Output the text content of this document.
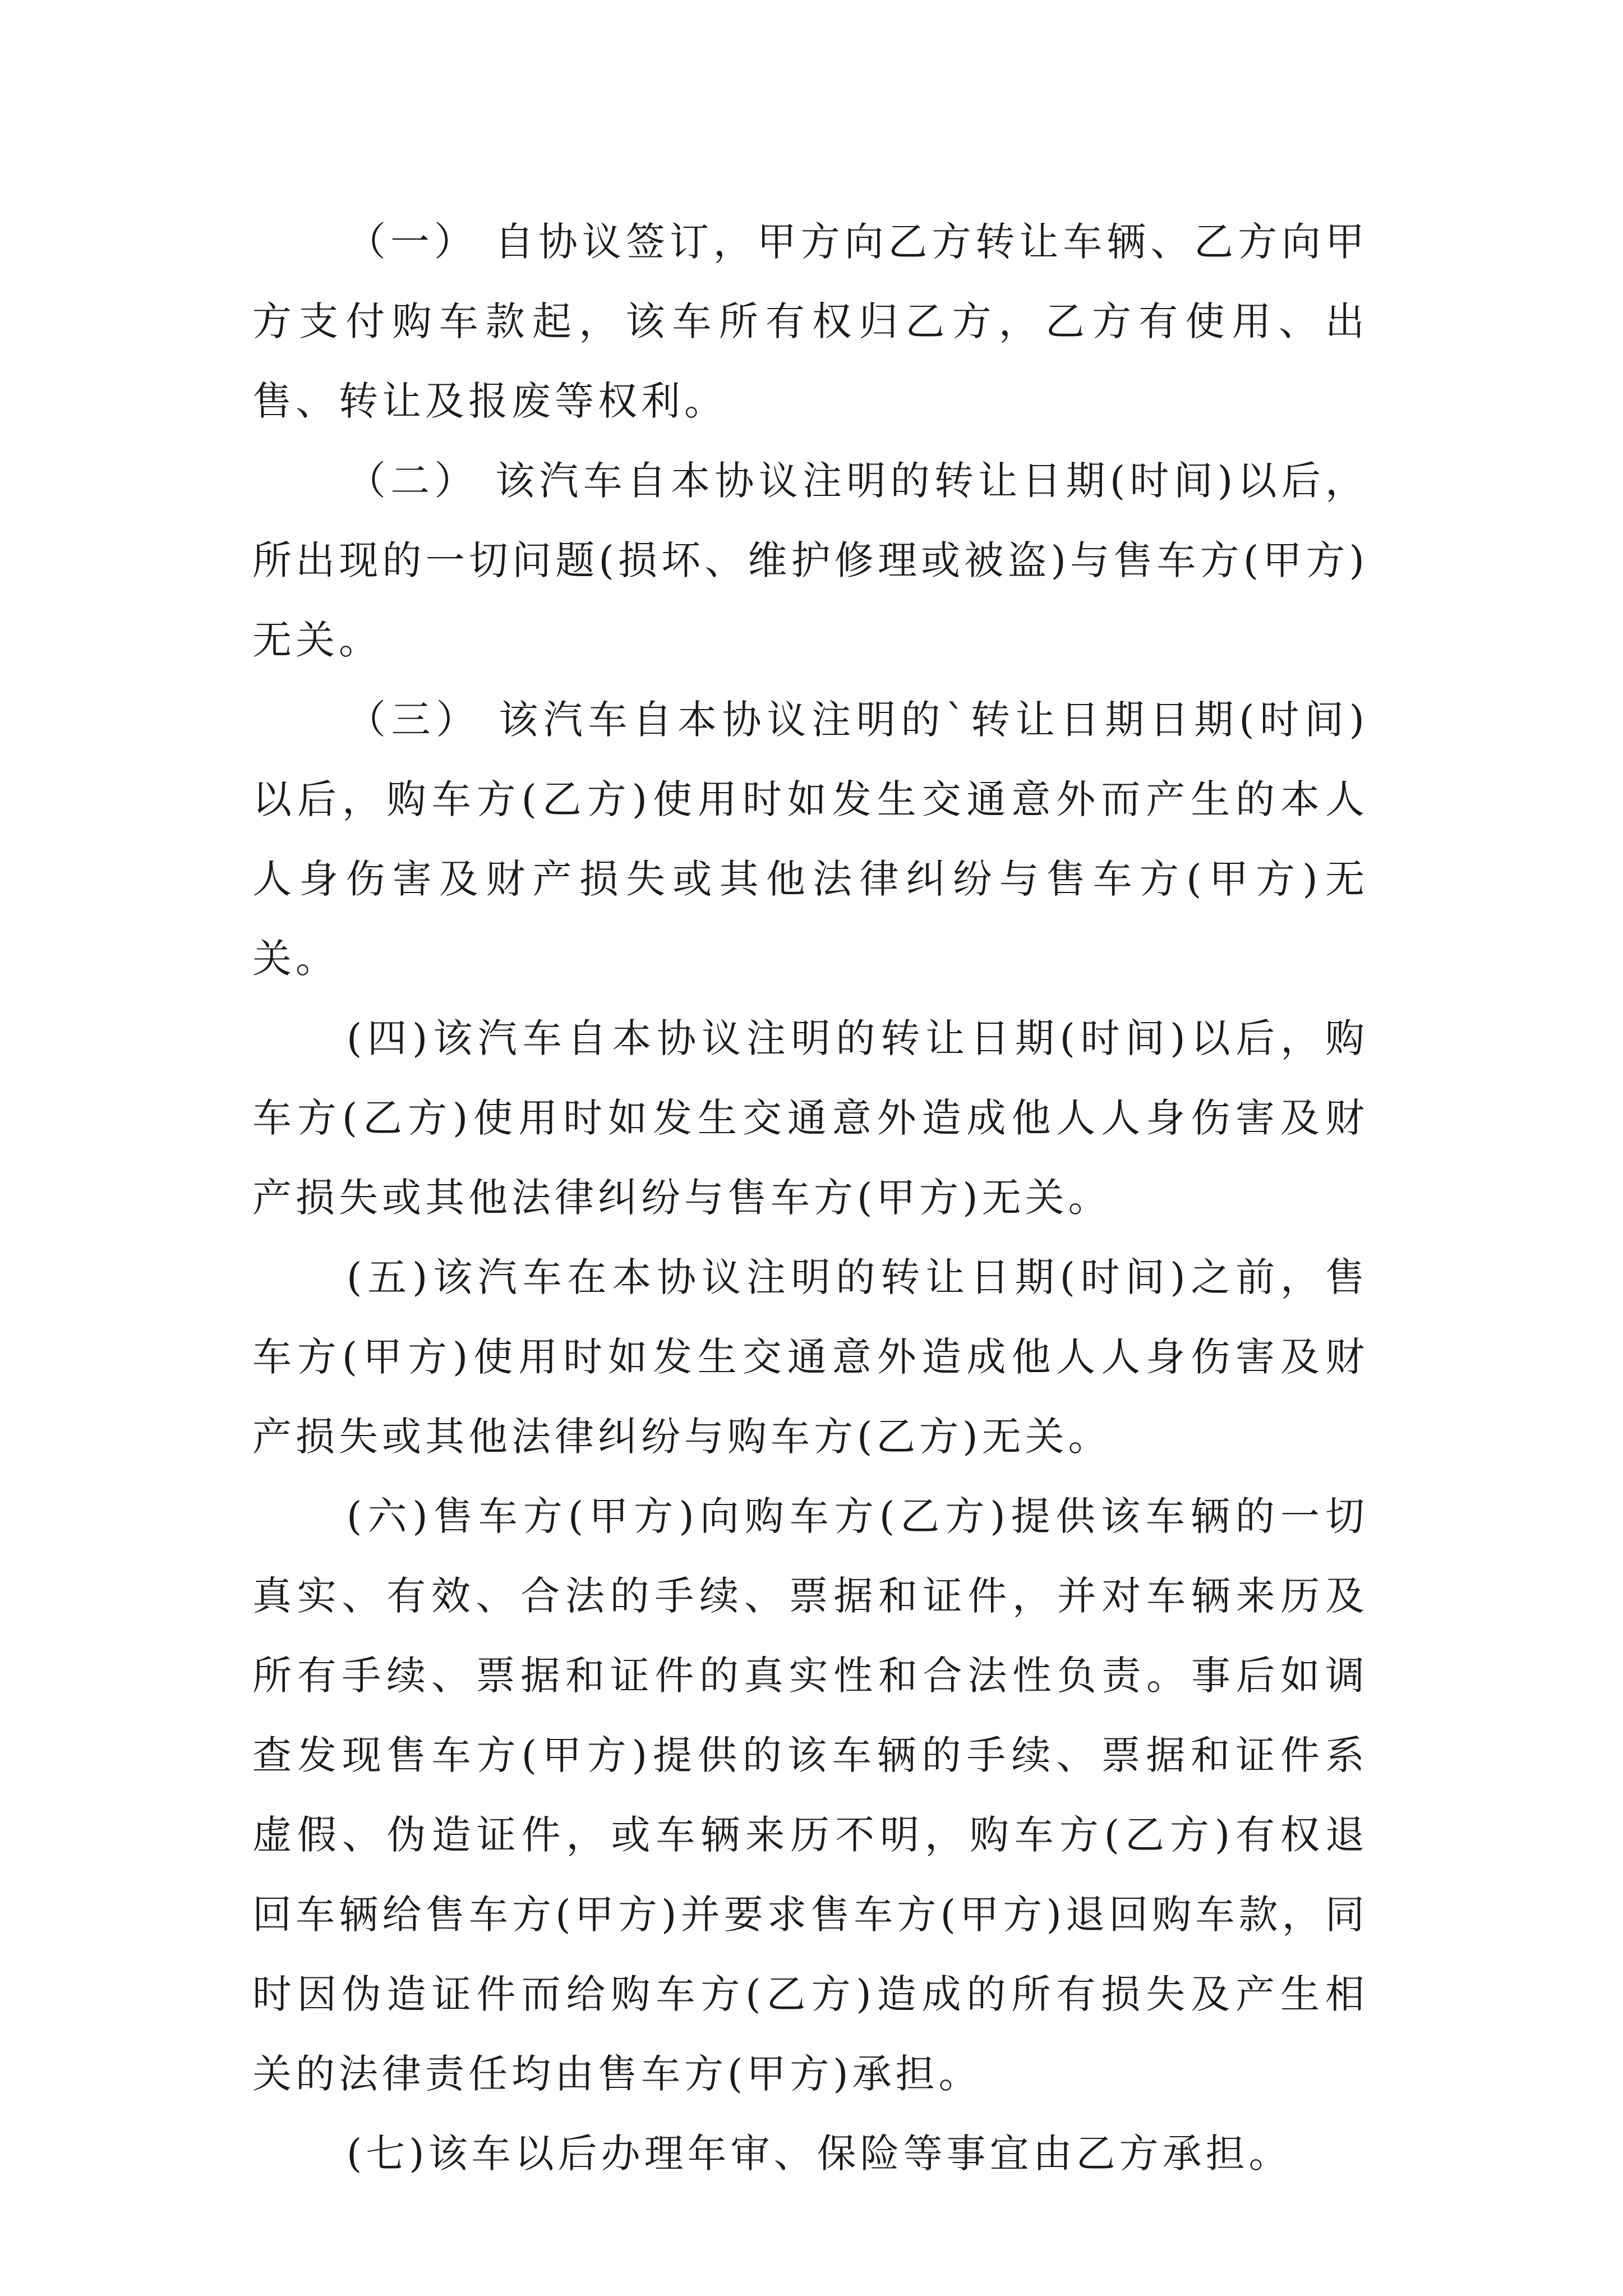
（一） 自协议签订，甲方向乙方转让车辆、乙方向甲方支付购车款起，该车所有权归乙方，乙方有使用、出售、转让及报废等权利。

（二） 该汽车自本协议注明的转让日期(时间)以后，所出现的一切问题(损坏、维护修理或被盗)与售车方(甲方)无关。

（三） 该汽车自本协议注明的`转让日期日期(时间)以后，购车方(乙方)使用时如发生交通意外而产生的本人人身伤害及财产损失或其他法律纠纷与售车方(甲方)无关。

(四)该汽车自本协议注明的转让日期(时间)以后，购车方(乙方)使用时如发生交通意外造成他人人身伤害及财产损失或其他法律纠纷与售车方(甲方)无关。

(五)该汽车在本协议注明的转让日期(时间)之前，售车方(甲方)使用时如发生交通意外造成他人人身伤害及财产损失或其他法律纠纷与购车方(乙方)无关。

(六)售车方(甲方)向购车方(乙方)提供该车辆的一切真实、有效、合法的手续、票据和证件，并对车辆来历及所有手续、票据和证件的真实性和合法性负责。事后如调查发现售车方(甲方)提供的该车辆的手续、票据和证件系虚假、伪造证件，或车辆来历不明，购车方(乙方)有权退回车辆给售车方(甲方)并要求售车方(甲方)退回购车款，同时因伪造证件而给购车方(乙方)造成的所有损失及产生相关的法律责任均由售车方(甲方)承担。

(七)该车以后办理年审、保险等事宜由乙方承担。
